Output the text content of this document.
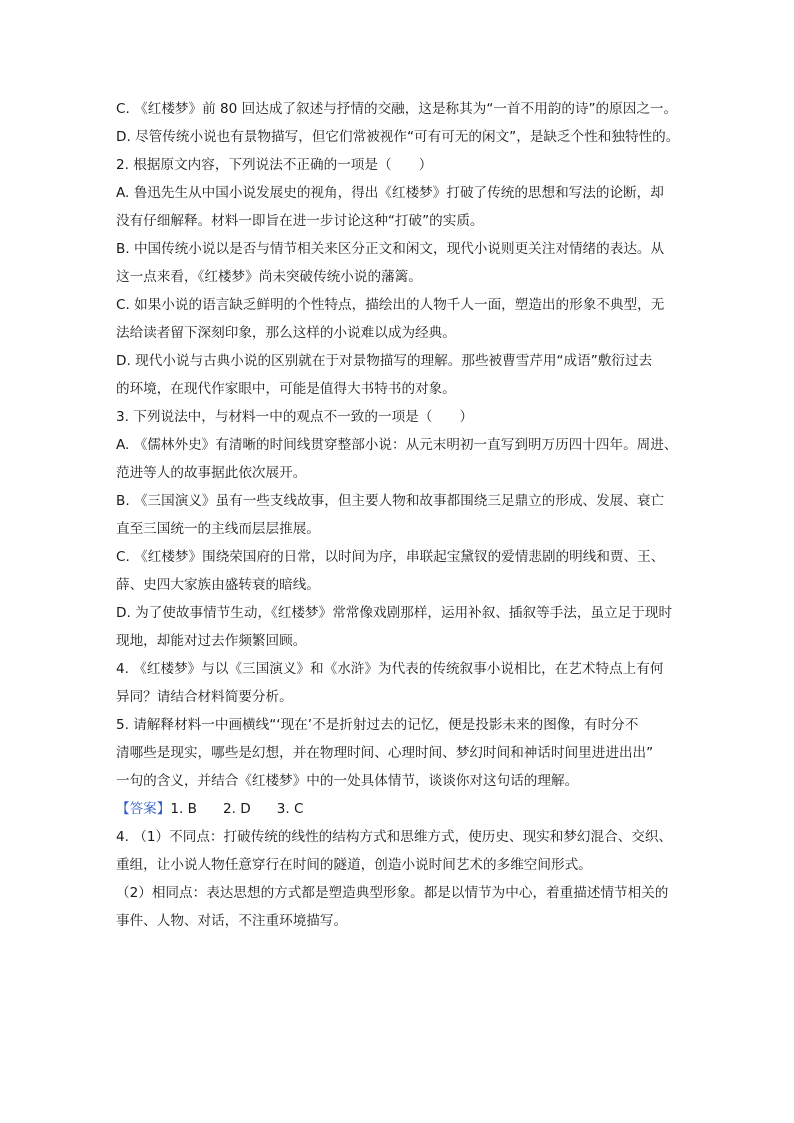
C. 《红楼梦》前 80 回达成了叙述与抒情的交融，这是称其为“一首不用韵的诗”的原因之一。
D. 尽管传统小说也有景物描写，但它们常被视作“可有可无的闲文”，是缺乏个性和独特性的。
2. 根据原文内容，下列说法不正确的一项是（　　）
A. 鲁迅先生从中国小说发展史的视角，得出《红楼梦》打破了传统的思想和写法的论断，却
没有仔细解释。材料一即旨在进一步讨论这种“打破”的实质。
B. 中国传统小说以是否与情节相关来区分正文和闲文，现代小说则更关注对情绪的表达。从
这一点来看，《红楼梦》尚未突破传统小说的藩篱。
C. 如果小说的语言缺乏鲜明的个性特点，描绘出的人物千人一面，塑造出的形象不典型，无
法给读者留下深刻印象，那么这样的小说难以成为经典。
D. 现代小说与古典小说的区别就在于对景物描写的理解。那些被曹雪芹用“成语”敷衍过去
的环境，在现代作家眼中，可能是值得大书特书的对象。
3. 下列说法中，与材料一中的观点不一致的一项是（　　）
A. 《儒林外史》有清晰的时间线贯穿整部小说：从元末明初一直写到明万历四十四年。周进、
范进等人的故事据此依次展开。
B. 《三国演义》虽有一些支线故事，但主要人物和故事都围绕三足鼎立的形成、发展、衰亡
直至三国统一的主线而层层推展。
C. 《红楼梦》围绕荣国府的日常，以时间为序，串联起宝黛钗的爱情悲剧的明线和贾、王、
薛、史四大家族由盛转衰的暗线。
D. 为了使故事情节生动，《红楼梦》常常像戏剧那样，运用补叙、插叙等手法，虽立足于现时
现地，却能对过去作频繁回顾。
4. 《红楼梦》与以《三国演义》和《水浒》为代表的传统叙事小说相比，在艺术特点上有何
异同？请结合材料简要分析。
5. 请解释材料一中画横线“‘现在’不是折射过去的记忆，便是投影未来的图像，有时分不
清哪些是现实，哪些是幻想，并在物理时间、心理时间、梦幻时间和神话时间里进进出出”
一句的含义，并结合《红楼梦》中的一处具体情节，谈谈你对这句话的理解。
【答案】1. B 2. D 3. C
4. （1）不同点：打破传统的线性的结构方式和思维方式，使历史、现实和梦幻混合、交织、
重组，让小说人物任意穿行在时间的隧道，创造小说时间艺术的多维空间形式。
（2）相同点：表达思想的方式都是塑造典型形象。都是以情节为中心，着重描述情节相关的
事件、人物、对话，不注重环境描写。
